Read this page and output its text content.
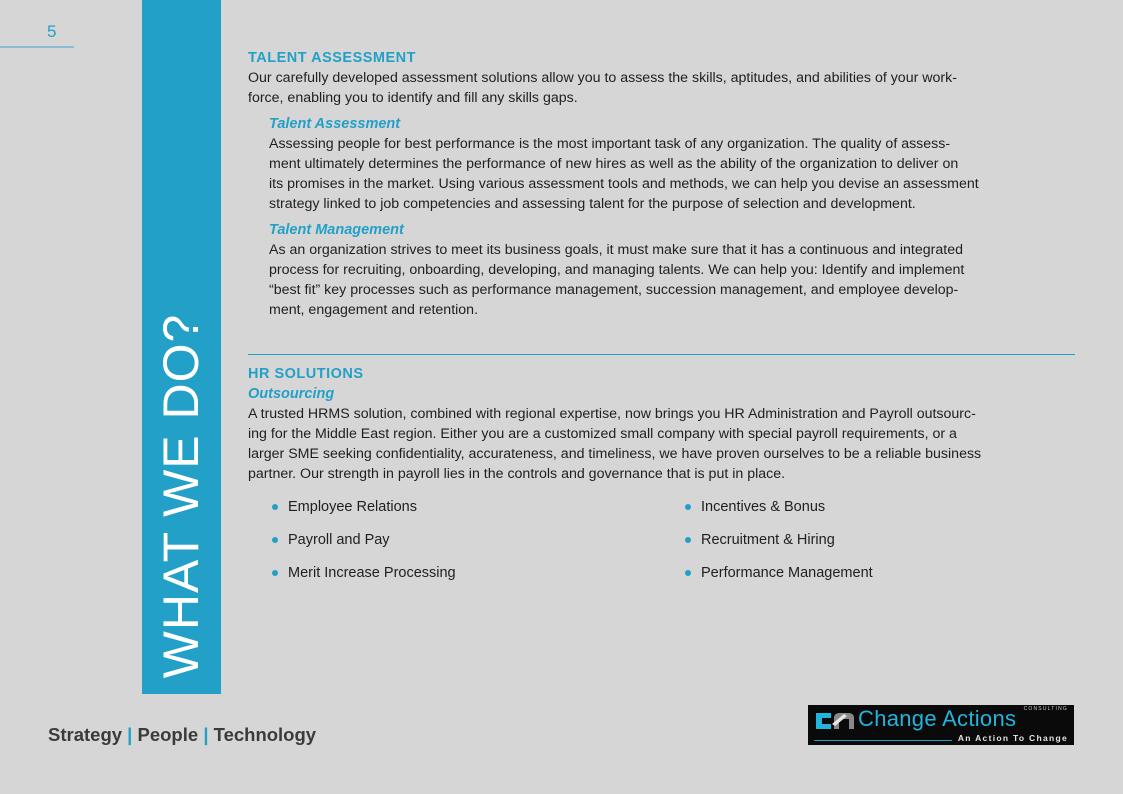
5
WHAT WE DO?
TALENT ASSESSMENT

Our carefully developed assessment solutions allow you to assess the skills, aptitudes, and abilities of your work-

force, enabling you to identify and fill any skills gaps.

Talent Assessment

Assessing people for best performance is the most important task of any organization. The quality of assess-

ment ultimately determines the performance of new hires as well as the ability of the organization to deliver on

its promises in the market. Using various assessment tools and methods, we can help you devise an assessment

strategy linked to job competencies and assessing talent for the purpose of selection and development.

Talent Management

As an organization strives to meet its business goals, it must make sure that it has a continuous and integrated

process for recruiting, onboarding, developing, and managing talents. We can help you: Identify and implement

“best fit” key processes such as performance management, succession management, and employee develop-

ment, engagement and retention.

HR SOLUTIONS
Outsourcing

A trusted HRMS solution, combined with regional expertise, now brings you HR Administration and Payroll outsourc-

ing for the Middle East region. Either you are a customized small company with special payroll requirements, or a

larger SME seeking confidentiality, accurateness, and timeliness, we have proven ourselves to be a reliable business

partner. Our strength in payroll lies in the controls and governance that is put in place.

Employee Relations
Payroll and Pay
Merit Increase Processing
Incentives & Bonus
Recruitment & Hiring
Performance Management
Strategy | People | Technology
Change Actions CONSULTING
An Action To Change
